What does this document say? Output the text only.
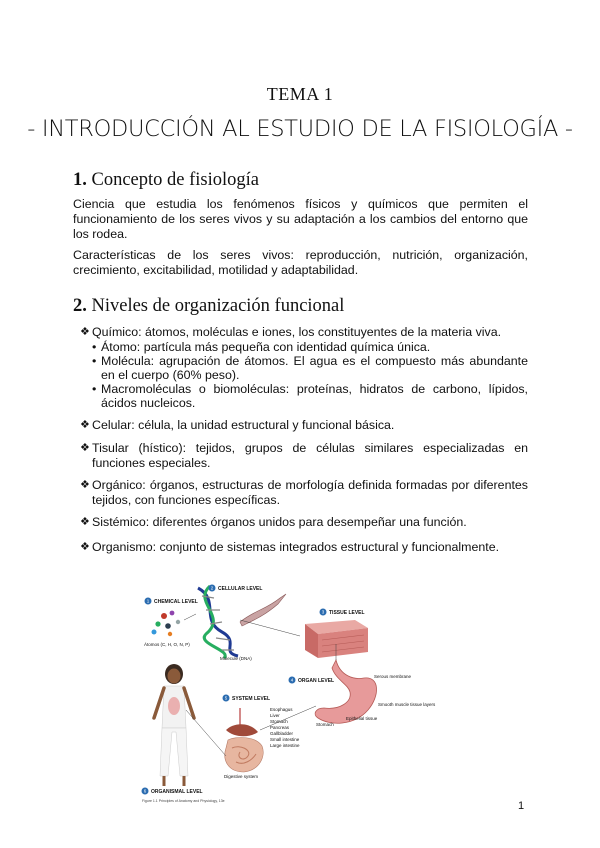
TEMA 1
- INTRODUCCIÓN AL ESTUDIO DE LA FISIOLOGÍA -
1. Concepto de fisiología

Ciencia que estudia los fenómenos físicos y químicos que permiten el funcionamiento de los seres vivos y su adaptación a los cambios del entorno que los rodea.

Características de los seres vivos: reproducción, nutrición, organización, crecimiento, excitabilidad, motilidad y adaptabilidad.

2. Niveles de organización funcional
❖ Químico: átomos, moléculas e iones, los constituyentes de la materia viva.
• Átomo: partícula más pequeña con identidad química única.
• Molécula: agrupación de átomos. El agua es el compuesto más abundante en el cuerpo (60% peso).
• Macromoléculas o biomoléculas: proteínas, hidratos de carbono, lípidos, ácidos nucleicos.
❖ Celular: célula, la unidad estructural y funcional básica.
❖ Tisular (hístico): tejidos, grupos de células similares especializadas en funciones especiales.
❖ Orgánico: órganos, estructuras de morfología definida formadas por diferentes tejidos, con funciones específicas.
❖ Sistémico: diferentes órganos unidos para desempeñar una función.
❖ Organismo: conjunto de sistemas integrados estructural y funcionalmente.
1 CHEMICAL LEVEL
Átomos (C, H, O, N, P)
Molecule (DNA)
2 CELLULAR LEVEL
3 TISSUE LEVEL
4 ORGAN LEVEL
Serous membrane
Smooth muscle tissue layers
Epithelial tissue
Stomach
5 SYSTEM LEVEL
Esophagus
Liver
Stomach
Pancreas
Gallbladder
Small intestine
Large intestine
Digestive system
6 ORGANISMAL LEVEL
Figure 1.1 Principles of Anatomy and Physiology, 13e	1
